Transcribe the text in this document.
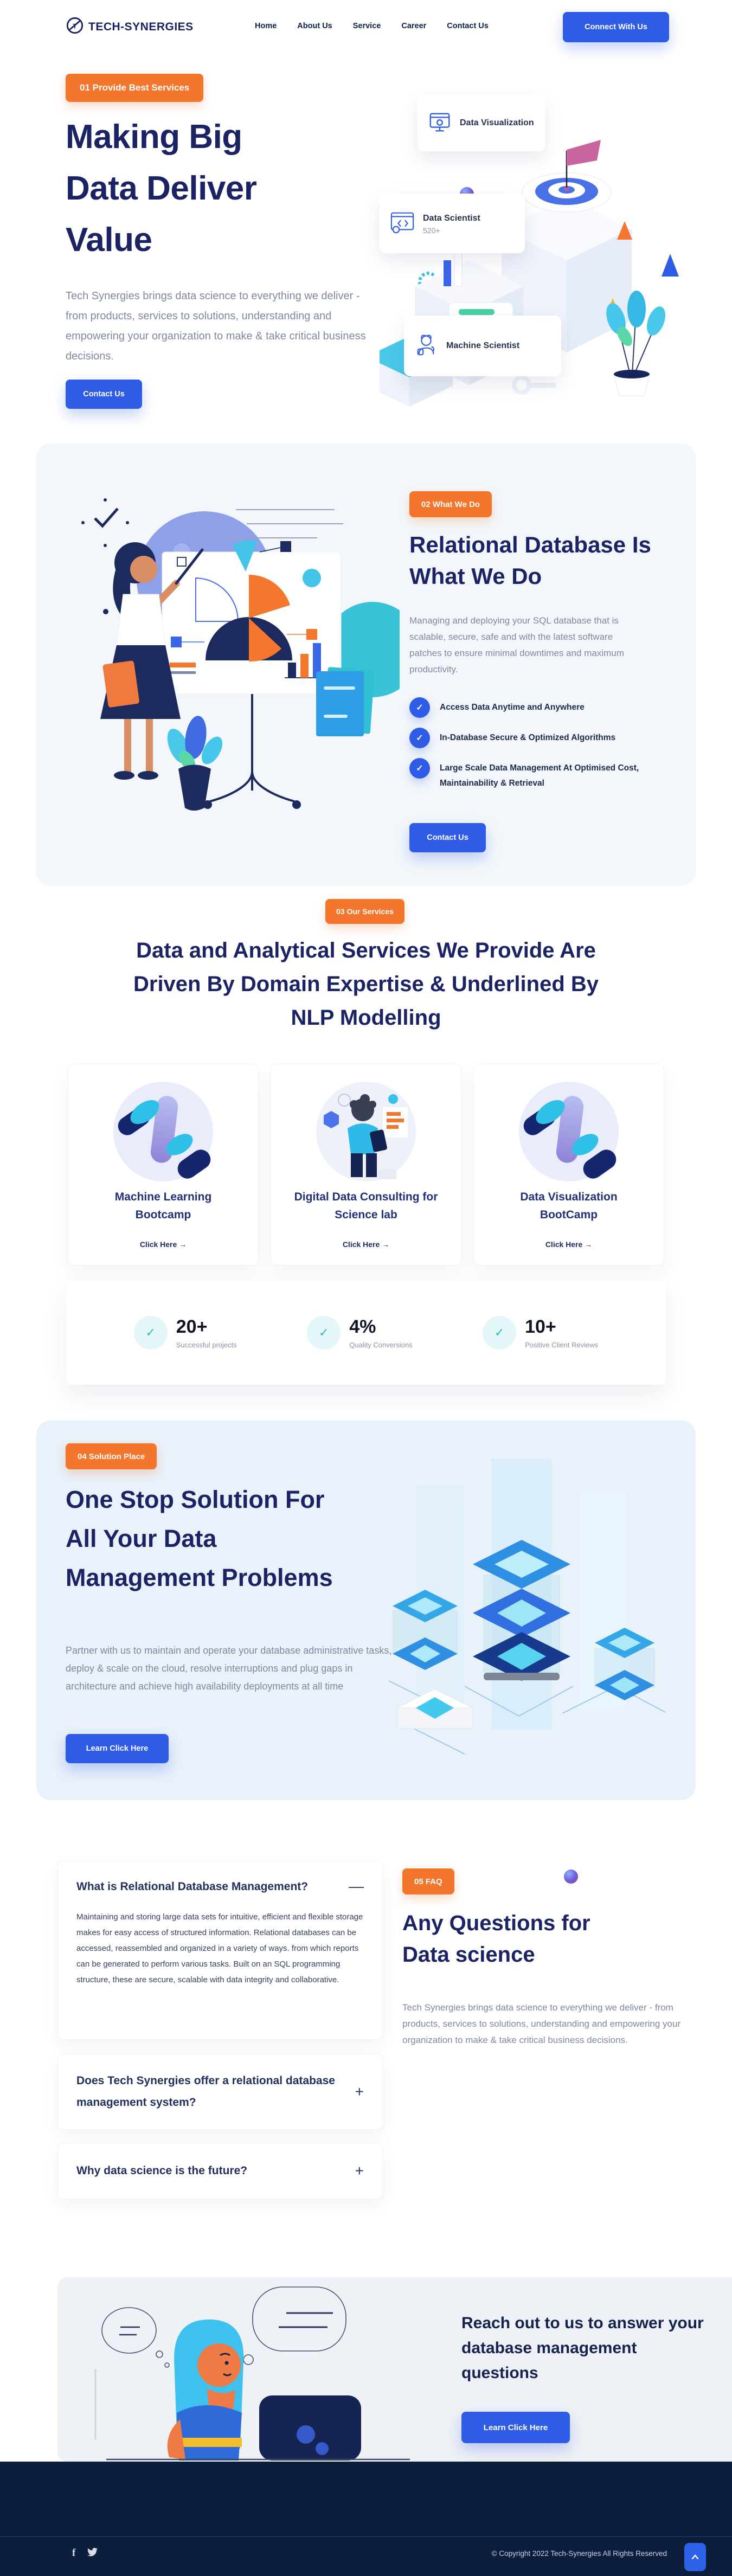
T TECH-SYNERGIES	Home	About Us	Service	Career	Contact Us	Connect With Us
01 Provide Best Services
Making Big Data Deliver Value

Tech Synergies brings data science to everything we deliver - from products, services to solutions, understanding and empowering your organization to make & take critical business decisions.

Contact Us
Data Visualization
Data Scientist
520+
Machine Scientist
02 What We Do
Relational Database Is What We Do

Managing and deploying your SQL database that is scalable, secure, safe and with the latest software patches to ensure minimal downtimes and maximum productivity.

✓	Access Data Anytime and Anywhere
✓	In-Database Secure & Optimized Algorithms
✓	Large Scale Data Management At Optimised Cost, Maintainability & Retrieval
Contact Us
03 Our Services
Data and Analytical Services We Provide Are Driven By Domain Expertise & Underlined By NLP Modelling
Machine Learning Bootcamp
Click Here →
Digital Data Consulting for Science lab
Click Here →
Data Visualization BootCamp
Click Here →
✓	20+
Successful projects
✓	4%
Quality Conversions
✓	10+
Positive Client Reviews
04 Solution Place
One Stop Solution For All Your Data Management Problems

Partner with us to maintain and operate your database administrative tasks, deploy & scale on the cloud, resolve interruptions and plug gaps in architecture and achieve high availability deployments at all time

Learn Click Here
What is Relational Database Management?	—
Maintaining and storing large data sets for intuitive, efficient and flexible storage makes for easy access of structured information. Relational databases can be accessed, reassembled and organized in a variety of ways. from which reports can be generated to perform various tasks. Built on an SQL programming structure, these are secure, scalable with data integrity and collaborative.
Does Tech Synergies offer a relational database management system?
+
Why data science is the future?	+
05 FAQ
Any Questions for Data science

Tech Synergies brings data science to everything we deliver - from products, services to solutions, understanding and empowering your organization to make & take critical business decisions.

Reach out to us to answer your database management questions
Learn Click Here
f	© Copyright 2022 Tech-Synergies All Rights Reserved
